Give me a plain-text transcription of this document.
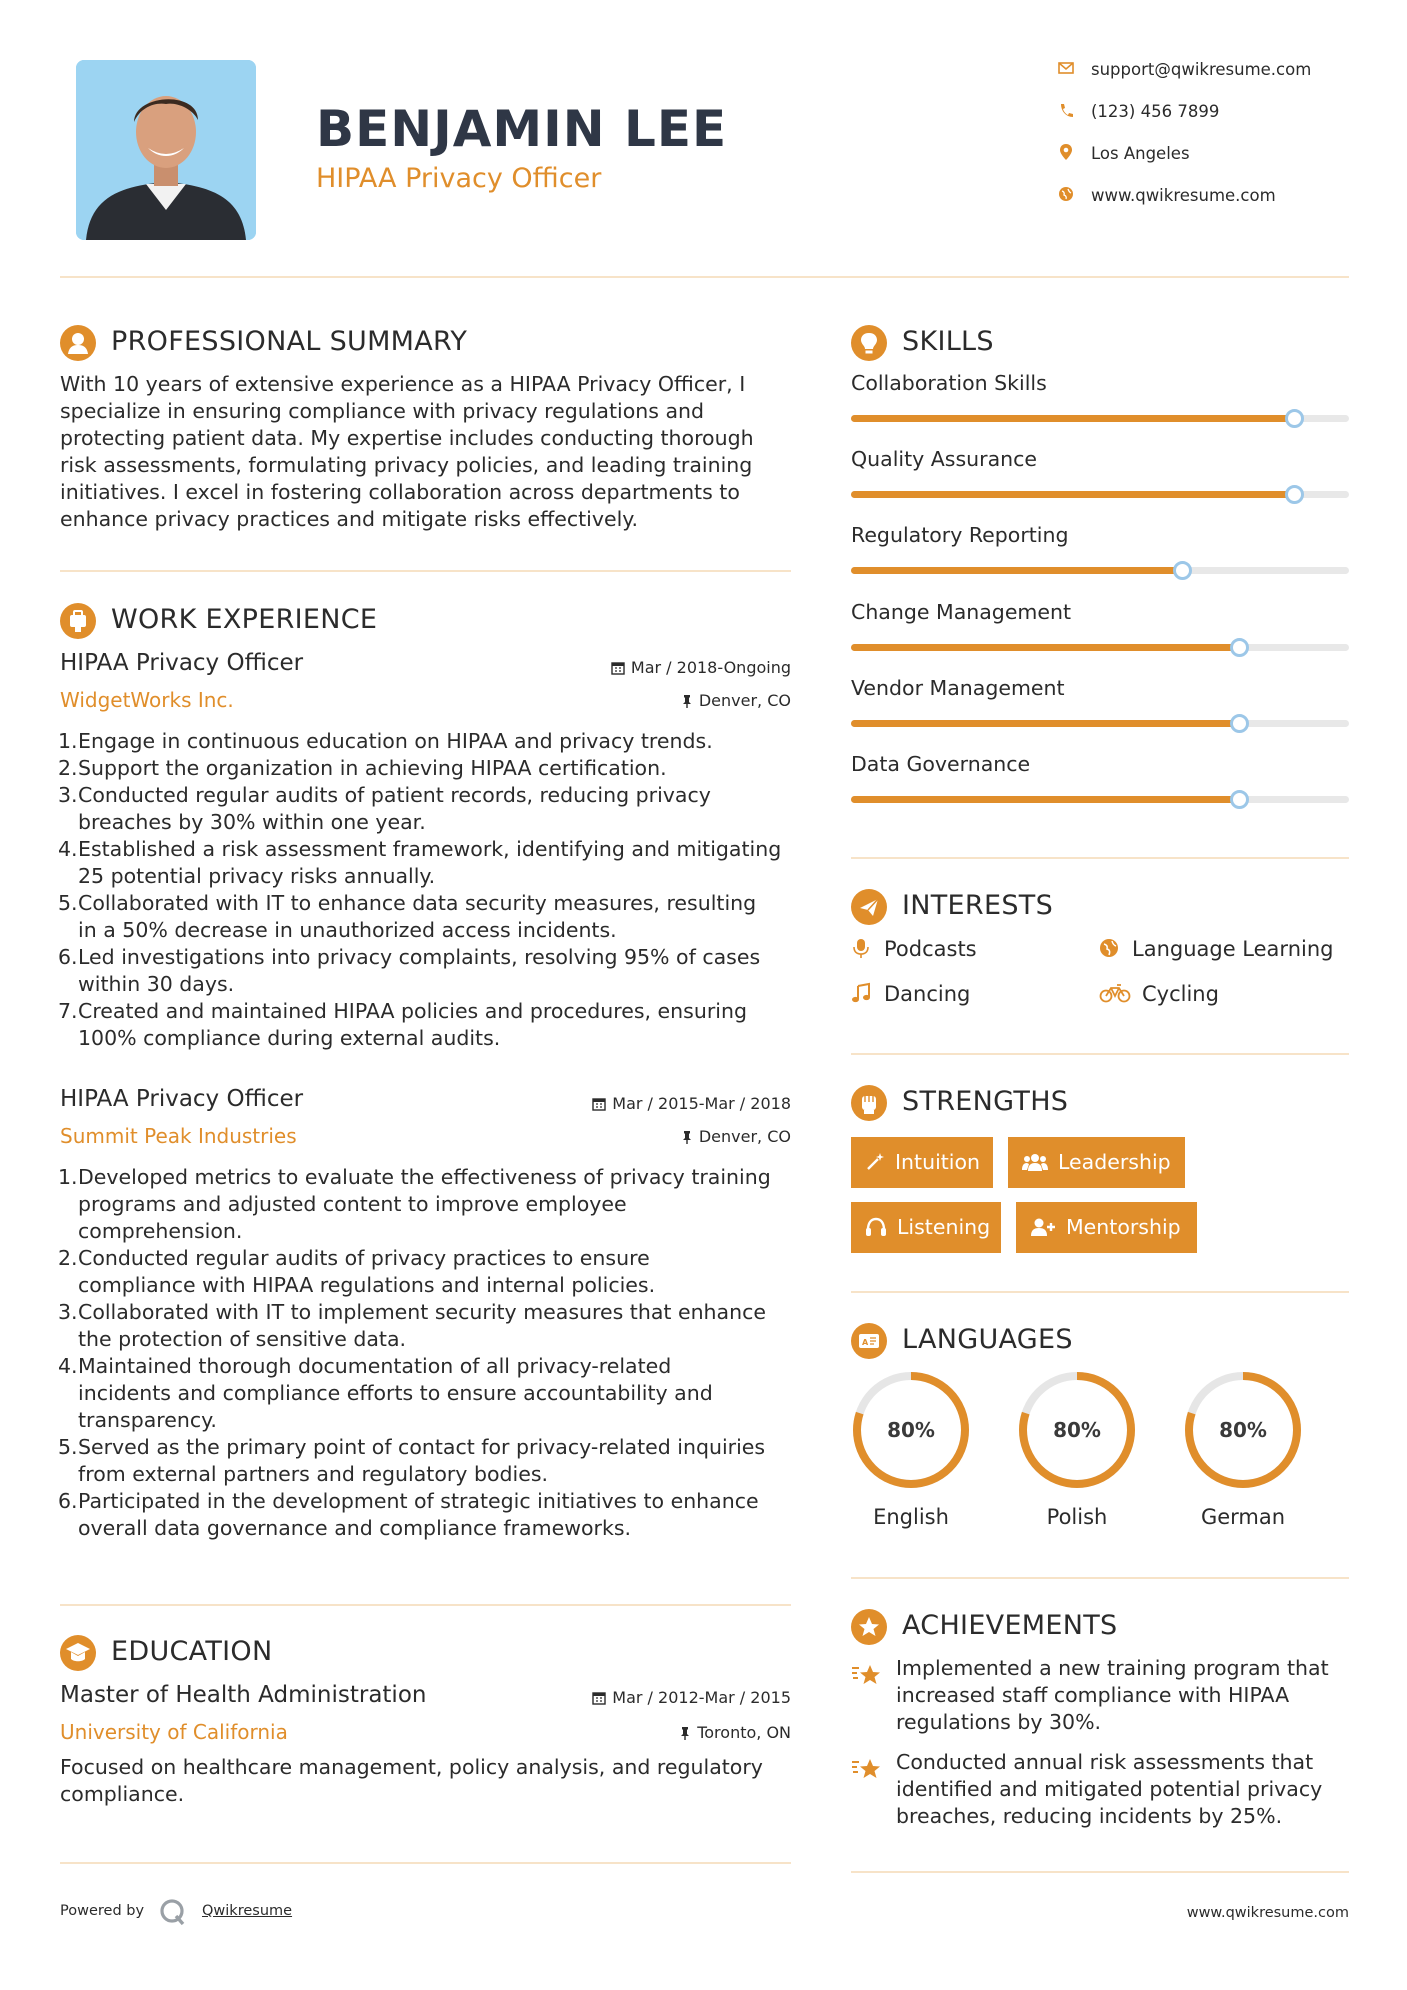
BENJAMIN LEE
HIPAA Privacy Officer
support@qwikresume.com
(123) 456 7899
Los Angeles
www.qwikresume.com
PROFESSIONAL SUMMARY
With 10 years of extensive experience as a HIPAA Privacy Officer, I
specialize in ensuring compliance with privacy regulations and
protecting patient data. My expertise includes conducting thorough
risk assessments, formulating privacy policies, and leading training
initiatives. I excel in fostering collaboration across departments to
enhance privacy practices and mitigate risks effectively.
WORK EXPERIENCE
HIPAA Privacy Officer
WidgetWorks Inc.
Mar / 2018-Ongoing
Denver, CO
1. Engage in continuous education on HIPAA and privacy trends.
2. Support the organization in achieving HIPAA certification.
3. Conducted regular audits of patient records, reducing privacy
breaches by 30% within one year.
4. Established a risk assessment framework, identifying and mitigating
25 potential privacy risks annually.
5. Collaborated with IT to enhance data security measures, resulting
in a 50% decrease in unauthorized access incidents.
6. Led investigations into privacy complaints, resolving 95% of cases
within 30 days.
7. Created and maintained HIPAA policies and procedures, ensuring
100% compliance during external audits.
HIPAA Privacy Officer
Summit Peak Industries
Mar / 2015-Mar / 2018
Denver, CO
1. Developed metrics to evaluate the effectiveness of privacy training
programs and adjusted content to improve employee
comprehension.
2. Conducted regular audits of privacy practices to ensure
compliance with HIPAA regulations and internal policies.
3. Collaborated with IT to implement security measures that enhance
the protection of sensitive data.
4. Maintained thorough documentation of all privacy-related
incidents and compliance efforts to ensure accountability and
transparency.
5. Served as the primary point of contact for privacy-related inquiries
from external partners and regulatory bodies.
6. Participated in the development of strategic initiatives to enhance
overall data governance and compliance frameworks.
EDUCATION
Master of Health Administration
University of California
Mar / 2012-Mar / 2015
Toronto, ON
Focused on healthcare management, policy analysis, and regulatory
compliance.
SKILLS
Collaboration Skills
Quality Assurance
Regulatory Reporting
Change Management
Vendor Management
Data Governance
INTERESTS
Podcasts	Language Learning
Dancing	Cycling
STRENGTHS
Intuition	Leadership
Listening	Mentorship
A LANGUAGES
80%
English
80%
Polish
80%
German
ACHIEVEMENTS
Implemented a new training program that
increased staff compliance with HIPAA
regulations by 30%.
Conducted annual risk assessments that
identified and mitigated potential privacy
breaches, reducing incidents by 25%.
Powered by	Qwikresume	www.qwikresume.com
